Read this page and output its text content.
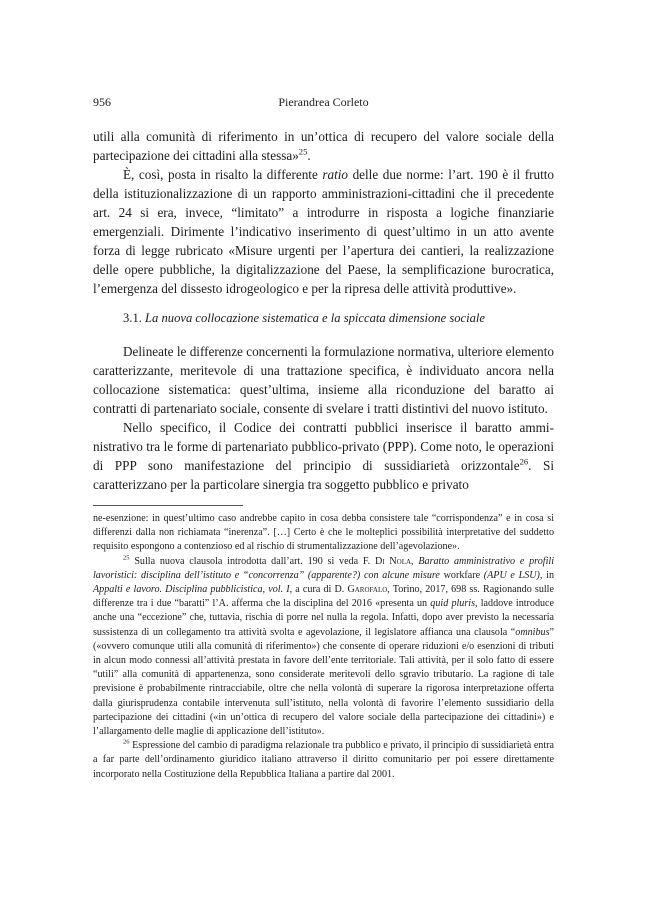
956	Pierandrea Corleto

utili alla comunità di riferimento in un’ottica di recupero del valore sociale della partecipazione dei cittadini alla stessa»$^{25}$.

È, così, posta in risalto la differente ratio delle due norme: l’art. 190 è il frutto della istituzionalizzazione di un rapporto amministrazioni-cittadini che il precedente art. 24 si era, invece, “limitato” a introdurre in risposta a logiche finanziarie emergenziali. Dirimente l’indicativo inserimento di quest’ultimo in un atto avente forza di legge rubricato «Misure urgenti per l’apertura dei cantieri, la realizzazione delle opere pubbliche, la digitalizzazione del Paese, la semplificazione burocratica, l’emergenza del dissesto idrogeologico e per la ripresa delle attività produttive».

3.1. La nuova collocazione sistematica e la spiccata dimensione sociale

Delineate le differenze concernenti la formulazione normativa, ulteriore elemento caratterizzante, meritevole di una trattazione specifica, è individuato ancora nella collocazione sistematica: quest’ultima, insieme alla riconduzione del baratto ai contratti di partenariato sociale, consente di svelare i tratti distintivi del nuovo istituto.

Nello specifico, il Codice dei contratti pubblici inserisce il baratto amministrativo tra le forme di partenariato pubblico-privato (PPP). Come noto, le operazioni di PPP sono manifestazione del principio di sussidiarietà orizzontale$^{26}$. Si caratterizzano per la particolare sinergia tra soggetto pubblico e privato

ne-esenzione: in quest’ultimo caso andrebbe capito in cosa debba consistere tale “corrispondenza” e in cosa si differenzi dalla non richiamata “inerenza”. […] Certo è che le molteplici possibilità interpretative del suddetto requisito espongono a contenzioso ed al rischio di strumentalizzazione dell’agevolazione».

$^{25}$ Sulla nuova clausola introdotta dall’art. 190 si veda F. Di Nola, Baratto amministrativo e profili lavoristici: disciplina dell’istituto e “concorrenza” (apparente?) con alcune misure workfare (APU e LSU), in Appalti e lavoro. Disciplina pubblicistica, vol. I, a cura di D. Garofalo, Torino, 2017, 698 ss. Ragionando sulle differenze tra i due “baratti” l’A. afferma che la disciplina del 2016 «presenta un quid pluris, laddove introduce anche una “eccezione” che, tuttavia, rischia di porre nel nulla la regola. Infatti, dopo aver previsto la necessaria sussistenza di un collegamento tra attività svolta e agevolazione, il legislatore affianca una clausola “omnibus” («ovvero comunque utili alla comunità di riferimento») che consente di operare riduzioni e/o esenzioni di tributi in alcun modo connessi all’attività prestata in favore dell’ente territoriale. Tali attività, per il solo fatto di essere “utili” alla comunità di appartenenza, sono considerate meritevoli dello sgravio tributario. La ragione di tale previsione è probabilmente rintracciabile, oltre che nella volontà di superare la rigorosa interpretazione offerta dalla giurisprudenza contabile intervenuta sull’istituto, nella volontà di favorire l’elemento sussidiario della partecipazione dei cittadini («in un’ottica di recupero del valore sociale della partecipazione dei cittadini») e l’allargamento delle maglie di applicazione dell’istituto».

$^{26}$ Espressione del cambio di paradigma relazionale tra pubblico e privato, il principio di sussidiarietà entra a far parte dell’ordinamento giuridico italiano attraverso il diritto comunitario per poi essere direttamente incorporato nella Costituzione della Repubblica Italiana a partire dal 2001.
